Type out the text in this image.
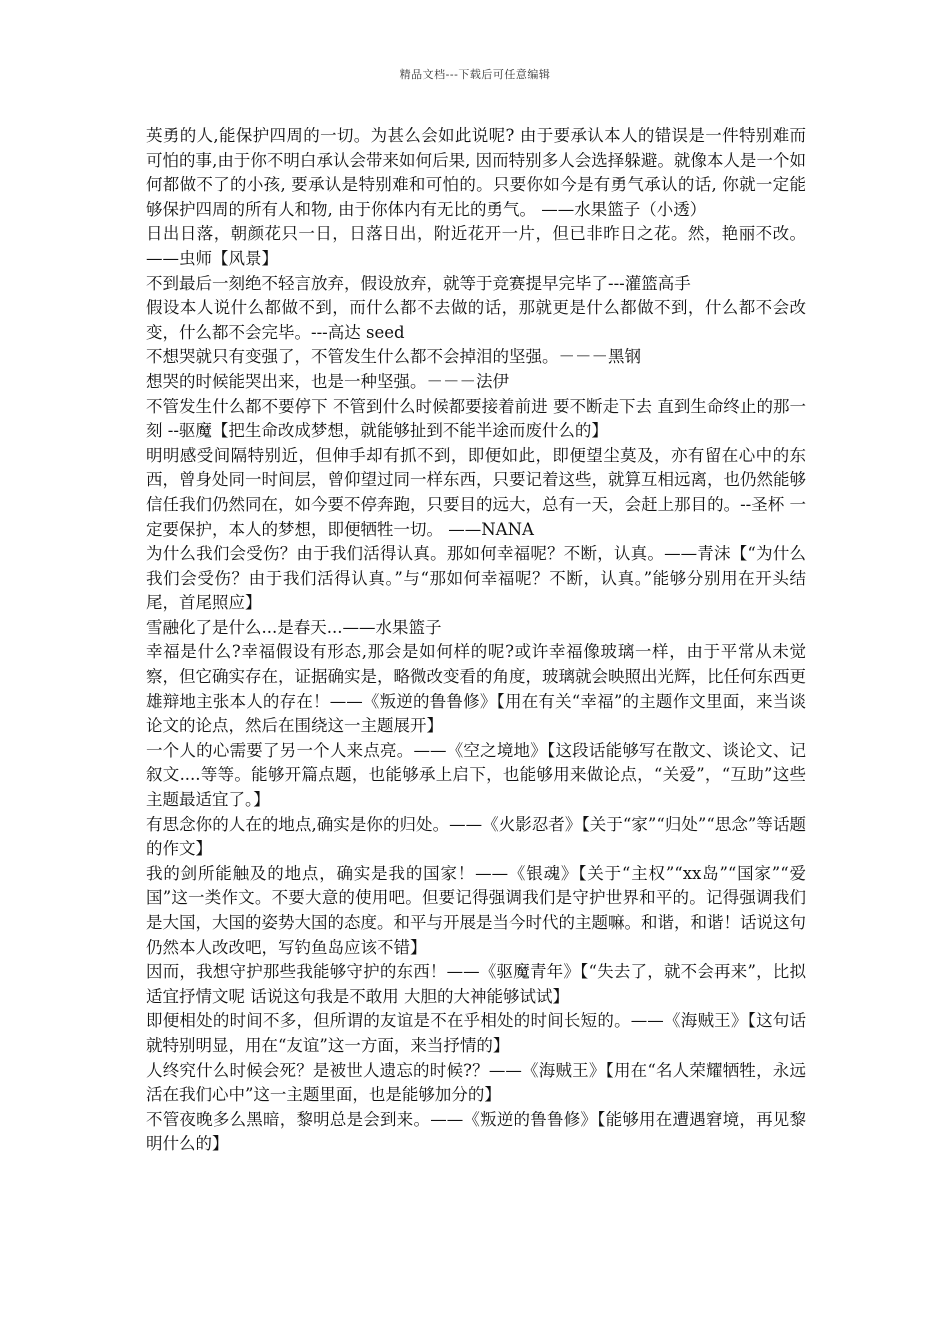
精品文档---下载后可任意编辑

英勇的人,能保护四周的一切。为甚么会如此说呢? 由于要承认本人的错误是一件特别难而可怕的事,由于你不明白承认会带来如何后果, 因而特别多人会选择躲避。就像本人是一个如何都做不了的小孩, 要承认是特别难和可怕的。只要你如今是有勇气承认的话, 你就一定能够保护四周的所有人和物, 由于你体内有无比的勇气。 ——水果篮子（小透）

日出日落，朝颜花只一日，日落日出，附近花开一片，但已非昨日之花。然，艳丽不改。 ——虫师【风景】

不到最后一刻绝不轻言放弃，假设放弃，就等于竞赛提早完毕了---灌篮高手

假设本人说什么都做不到，而什么都不去做的话，那就更是什么都做不到，什么都不会改变，什么都不会完毕。---高达 seed

不想哭就只有变强了，不管发生什么都不会掉泪的坚强。－－－黑钢

想哭的时候能哭出来，也是一种坚强。－－－法伊

不管发生什么都不要停下 不管到什么时候都要接着前进 要不断走下去 直到生命终止的那一刻 --驱魔【把生命改成梦想，就能够扯到不能半途而废什么的】

明明感受间隔特别近，但伸手却有抓不到，即便如此，即便望尘莫及，亦有留在心中的东西，曾身处同一时间层，曾仰望过同一样东西，只要记着这些，就算互相远离，也仍然能够信任我们仍然同在，如今要不停奔跑，只要目的远大，总有一天，会赶上那目的。--圣杯 一定要保护，本人的梦想，即便牺牲一切。 ——NANA

为什么我们会受伤？由于我们活得认真。那如何幸福呢？不断，认真。——青沫【“为什么我们会受伤？由于我们活得认真。”与“那如何幸福呢？不断，认真。”能够分别用在开头结尾，首尾照应】

雪融化了是什么...是春天...——水果篮子

幸福是什么?幸福假设有形态,那会是如何样的呢?或许幸福像玻璃一样，由于平常从未觉察，但它确实存在，证据确实是，略微改变看的角度，玻璃就会映照出光辉，比任何东西更雄辩地主张本人的存在！——《叛逆的鲁鲁修》【用在有关“幸福”的主题作文里面，来当谈论文的论点，然后在围绕这一主题展开】

一个人的心需要了另一个人来点亮。——《空之境地》【这段话能够写在散文、谈论文、记叙文....等等。能够开篇点题，也能够承上启下，也能够用来做论点，“关爱”，“互助”这些主题最适宜了。】

有思念你的人在的地点,确实是你的归处。——《火影忍者》【关于“家”“归处”“思念”等话题的作文】

我的剑所能触及的地点，确实是我的国家！——《银魂》【关于“主权”“xx岛”“国家”“爱国”这一类作文。不要大意的使用吧。但要记得强调我们是守护世界和平的。记得强调我们是大国，大国的姿势大国的态度。和平与开展是当今时代的主题嘛。和谐，和谐！话说这句仍然本人改改吧，写钓鱼岛应该不错】

因而，我想守护那些我能够守护的东西！——《驱魔青年》【“失去了，就不会再来”，比拟适宜抒情文呢 话说这句我是不敢用 大胆的大神能够试试】

即便相处的时间不多，但所谓的友谊是不在乎相处的时间长短的。——《海贼王》【这句话就特别明显，用在“友谊”这一方面，来当抒情的】

人终究什么时候会死？是被世人遗忘的时候?？——《海贼王》【用在“名人荣耀牺牲，永远活在我们心中”这一主题里面，也是能够加分的】

不管夜晚多么黑暗，黎明总是会到来。——《叛逆的鲁鲁修》【能够用在遭遇窘境，再见黎明什么的】
